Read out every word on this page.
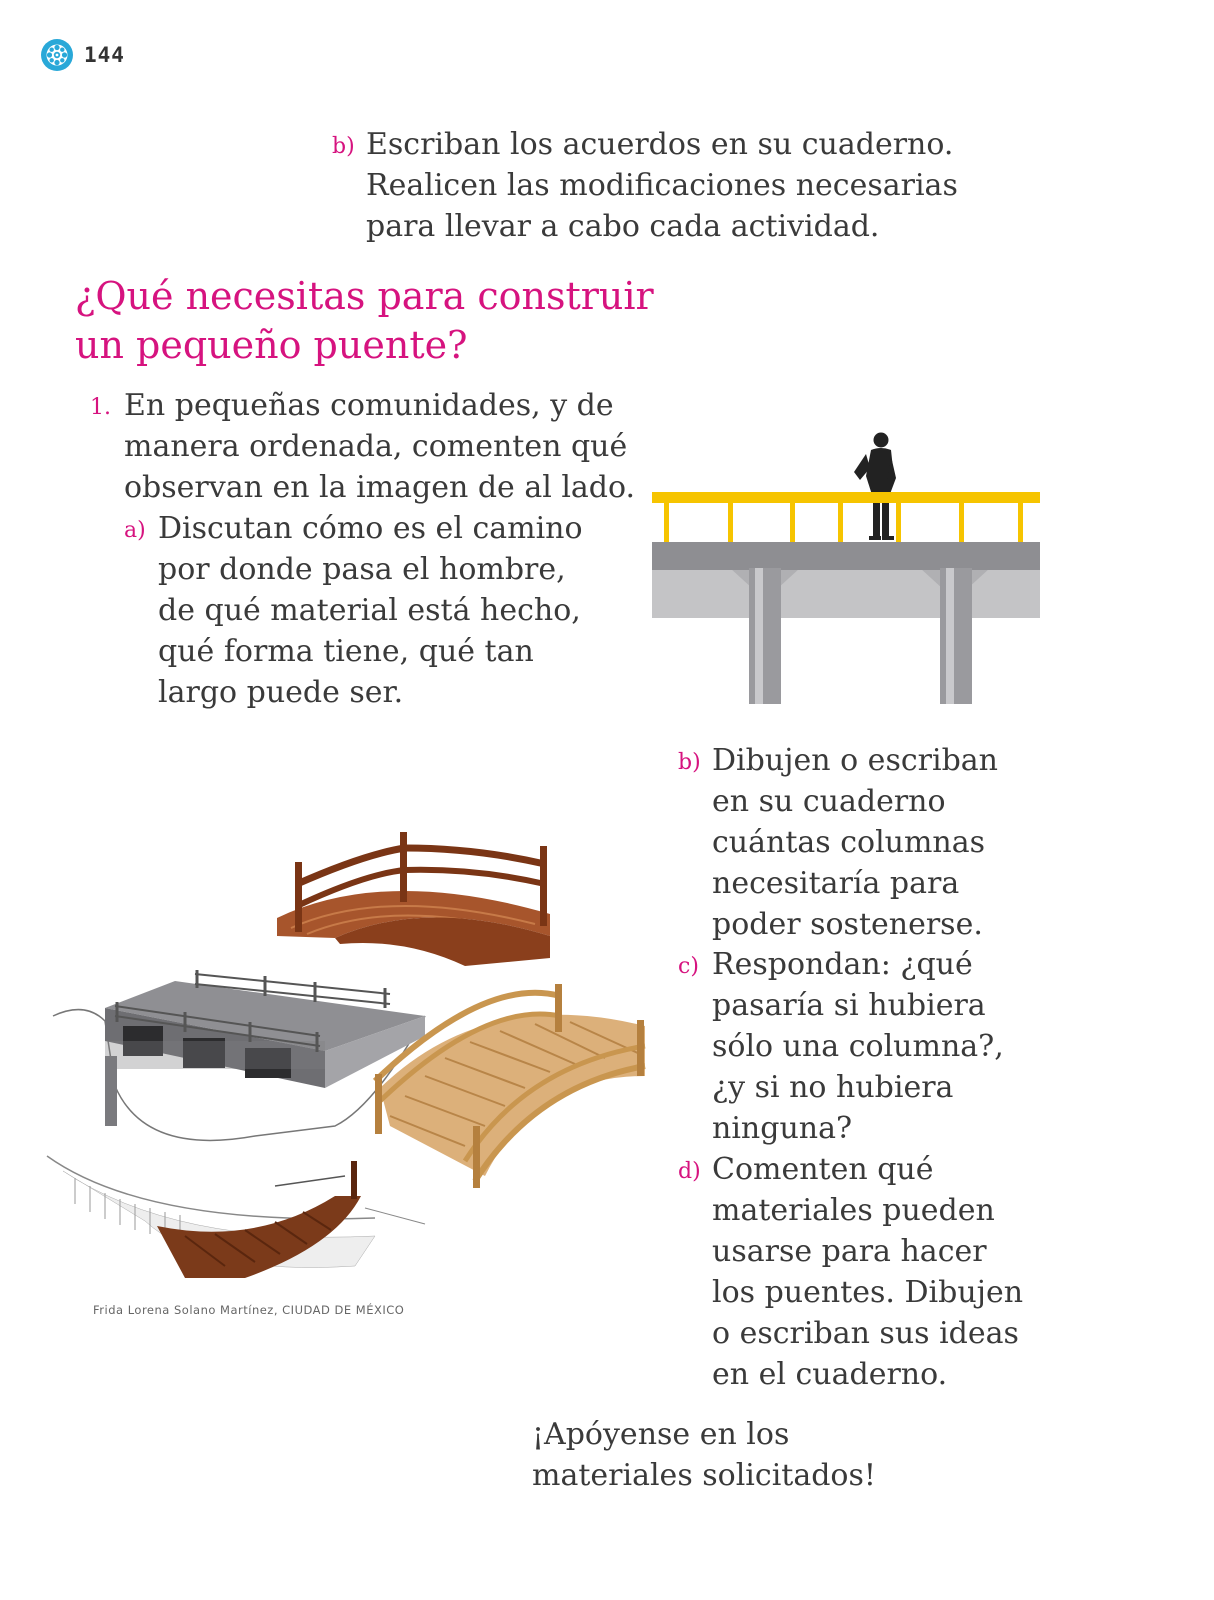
144
b) Escriban los acuerdos en su cuaderno.
Realicen las modificaciones necesarias
para llevar a cabo cada actividad.
¿Qué necesitas para construir
un pequeño puente?
1. En pequeñas comunidades, y de
manera ordenada, comenten qué
observan en la imagen de al lado.
a) Discutan cómo es el camino
por donde pasa el hombre,
de qué material está hecho,
qué forma tiene, qué tan
largo puede ser.
Frida Lorena Solano Martínez, CIUDAD DE MÉXICO
b) Dibujen o escriban
en su cuaderno
cuántas columnas
necesitaría para
poder sostenerse.
c) Respondan: ¿qué
pasaría si hubiera
sólo una columna?,
¿y si no hubiera
ninguna?
d) Comenten qué
materiales pueden
usarse para hacer
los puentes. Dibujen
o escriban sus ideas
en el cuaderno.
¡Apóyense en los
materiales solicitados!
